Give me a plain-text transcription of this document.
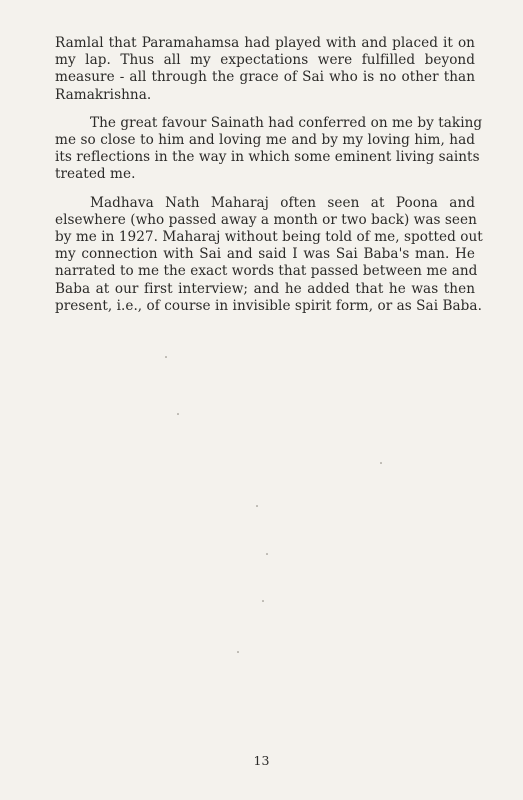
Ramlal that Paramahamsa had played with and placed it on
my lap. Thus all my expectations were fulfilled beyond
measure - all through the grace of Sai who is no other than
Ramakrishna.

The great favour Sainath had conferred on me by taking
me so close to him and loving me and by my loving him, had
its reflections in the way in which some eminent living saints
treated me.

Madhava Nath Maharaj often seen at Poona and
elsewhere (who passed away a month or two back) was seen
by me in 1927. Maharaj without being told of me, spotted out
my connection with Sai and said I was Sai Baba's man. He
narrated to me the exact words that passed between me and
Baba at our first interview; and he added that he was then
present, i.e., of course in invisible spirit form, or as Sai Baba.

13
